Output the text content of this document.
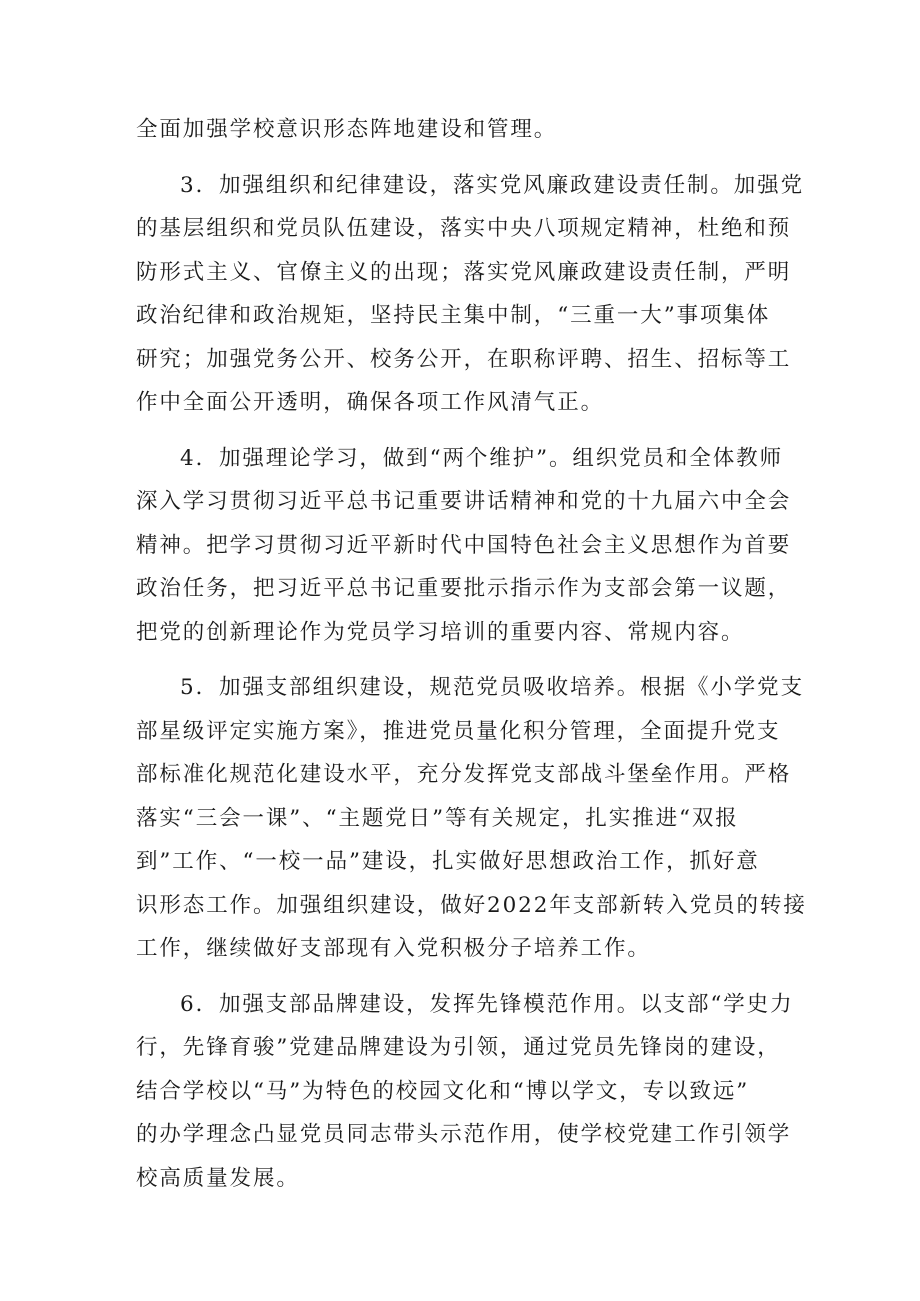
全面加强学校意识形态阵地建设和管理。
3．加强组织和纪律建设，落实党风廉政建设责任制。加强党
的基层组织和党员队伍建设，落实中央八项规定精神，杜绝和预
防形式主义、官僚主义的出现；落实党风廉政建设责任制，严明
政治纪律和政治规矩，坚持民主集中制，“三重一大”事项集体
研究；加强党务公开、校务公开，在职称评聘、招生、招标等工
作中全面公开透明，确保各项工作风清气正。
4．加强理论学习，做到“两个维护”。组织党员和全体教师
深入学习贯彻习近平总书记重要讲话精神和党的十九届六中全会
精神。把学习贯彻习近平新时代中国特色社会主义思想作为首要
政治任务，把习近平总书记重要批示指示作为支部会第一议题，
把党的创新理论作为党员学习培训的重要内容、常规内容。
5．加强支部组织建设，规范党员吸收培养。根据《小学党支
部星级评定实施方案》，推进党员量化积分管理，全面提升党支
部标准化规范化建设水平，充分发挥党支部战斗堡垒作用。严格
落实“三会一课”、“主题党日”等有关规定，扎实推进“双报
到”工作、“一校一品”建设，扎实做好思想政治工作，抓好意
识形态工作。加强组织建设，做好2022年支部新转入党员的转接
工作，继续做好支部现有入党积极分子培养工作。
6．加强支部品牌建设，发挥先锋模范作用。以支部“学史力
行，先锋育骏”党建品牌建设为引领，通过党员先锋岗的建设，
结合学校以“马”为特色的校园文化和“博以学文，专以致远”
的办学理念凸显党员同志带头示范作用，使学校党建工作引领学
校高质量发展。
